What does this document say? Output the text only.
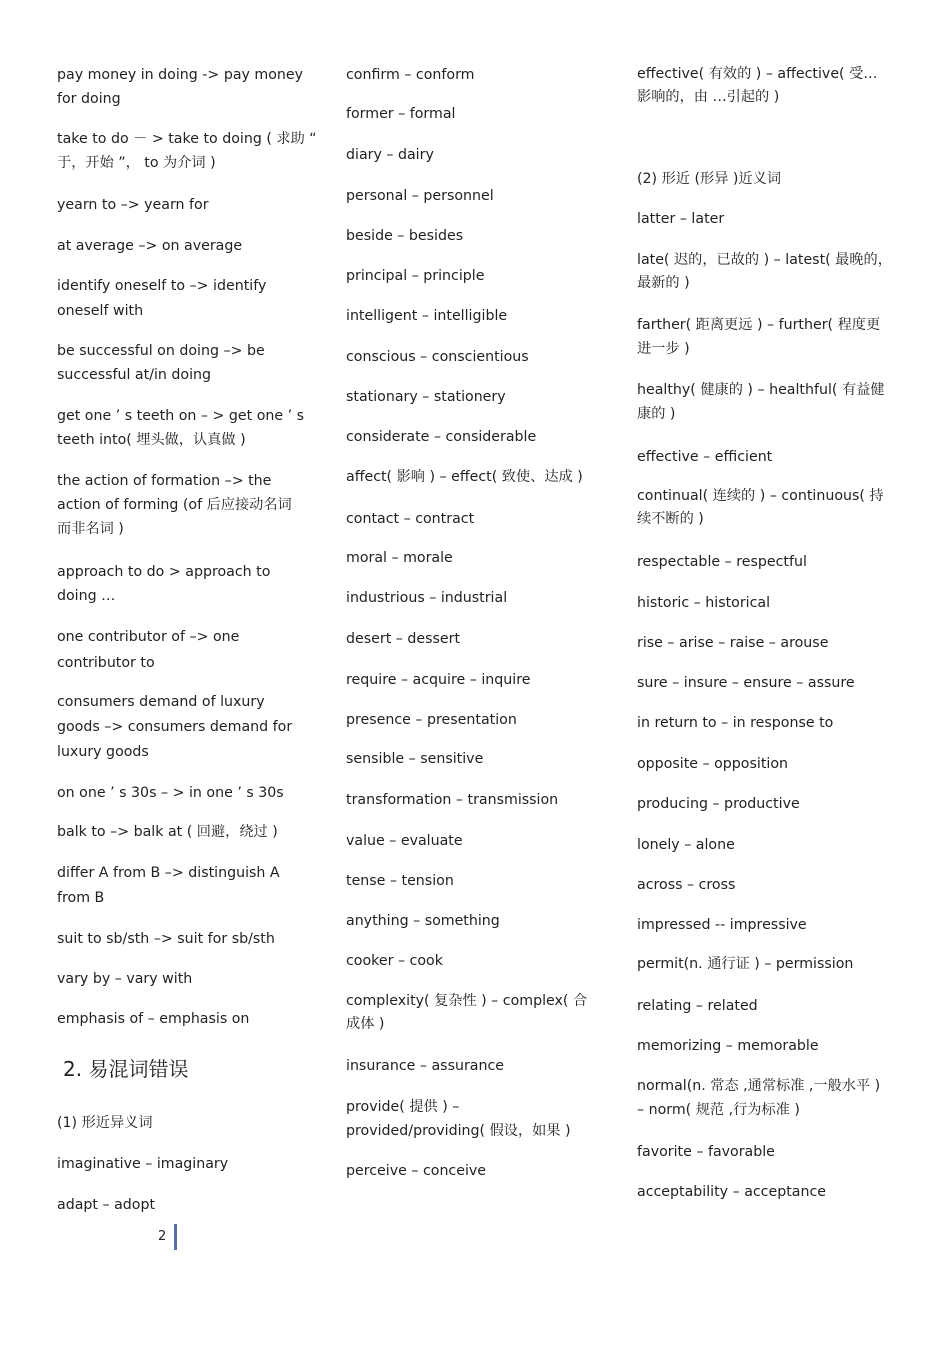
pay money in doing -> pay money
for doing
take to do － > take to doing ( 求助 “
于，开始 ”， to 为介词 )
yearn to –> yearn for
at average –> on average
identify oneself to –> identify
oneself with
be successful on doing –> be
successful at/in doing
get one ’ s teeth on – > get one ’ s
teeth into( 埋头做，认真做 )
the action of formation –> the
action of forming (of 后应接动名词
而非名词 )
approach to do > approach to
doing …
one contributor of –> one
contributor to
consumers demand of luxury
goods –> consumers demand for
luxury goods
on one ’ s 30s – > in one ’ s 30s
balk to –> balk at ( 回避，绕过 )
differ A from B –> distinguish A
from B
suit to sb/sth –> suit for sb/sth
vary by – vary with
emphasis of – emphasis on
2. 易混词错误
(1) 形近异义词
imaginative – imaginary
adapt – adopt
confirm – conform
former – formal
diary – dairy
personal – personnel
beside – besides
principal – principle
intelligent – intelligible
conscious – conscientious
stationary – stationery
considerate – considerable
affect( 影响 ) – effect( 致使、达成 )
contact – contract
moral – morale
industrious – industrial
desert – dessert
require – acquire – inquire
presence – presentation
sensible – sensitive
transformation – transmission
value – evaluate
tense – tension
anything – something
cooker – cook
complexity( 复杂性 ) – complex( 合
成体 )
insurance – assurance
provide( 提供 ) –
provided/providing( 假设，如果 )
perceive – conceive
effective( 有效的 ) – affective( 受…
影响的，由 …引起的 )
(2) 形近 (形异 )近义词
latter – later
late( 迟的，已故的 ) – latest( 最晚的，
最新的 )
farther( 距离更远 ) – further( 程度更
进一步 )
healthy( 健康的 ) – healthful( 有益健
康的 )
effective – efficient
continual( 连续的 ) – continuous( 持
续不断的 )
respectable – respectful
historic – historical
rise – arise – raise – arouse
sure – insure – ensure – assure
in return to – in response to
opposite – opposition
producing – productive
lonely – alone
across – cross
impressed -- impressive
permit(n. 通行证 ) – permission
relating – related
memorizing – memorable
normal(n. 常态 ,通常标准 ,一般水平 )
– norm( 规范 ,行为标准 )
favorite – favorable
acceptability – acceptance
2
